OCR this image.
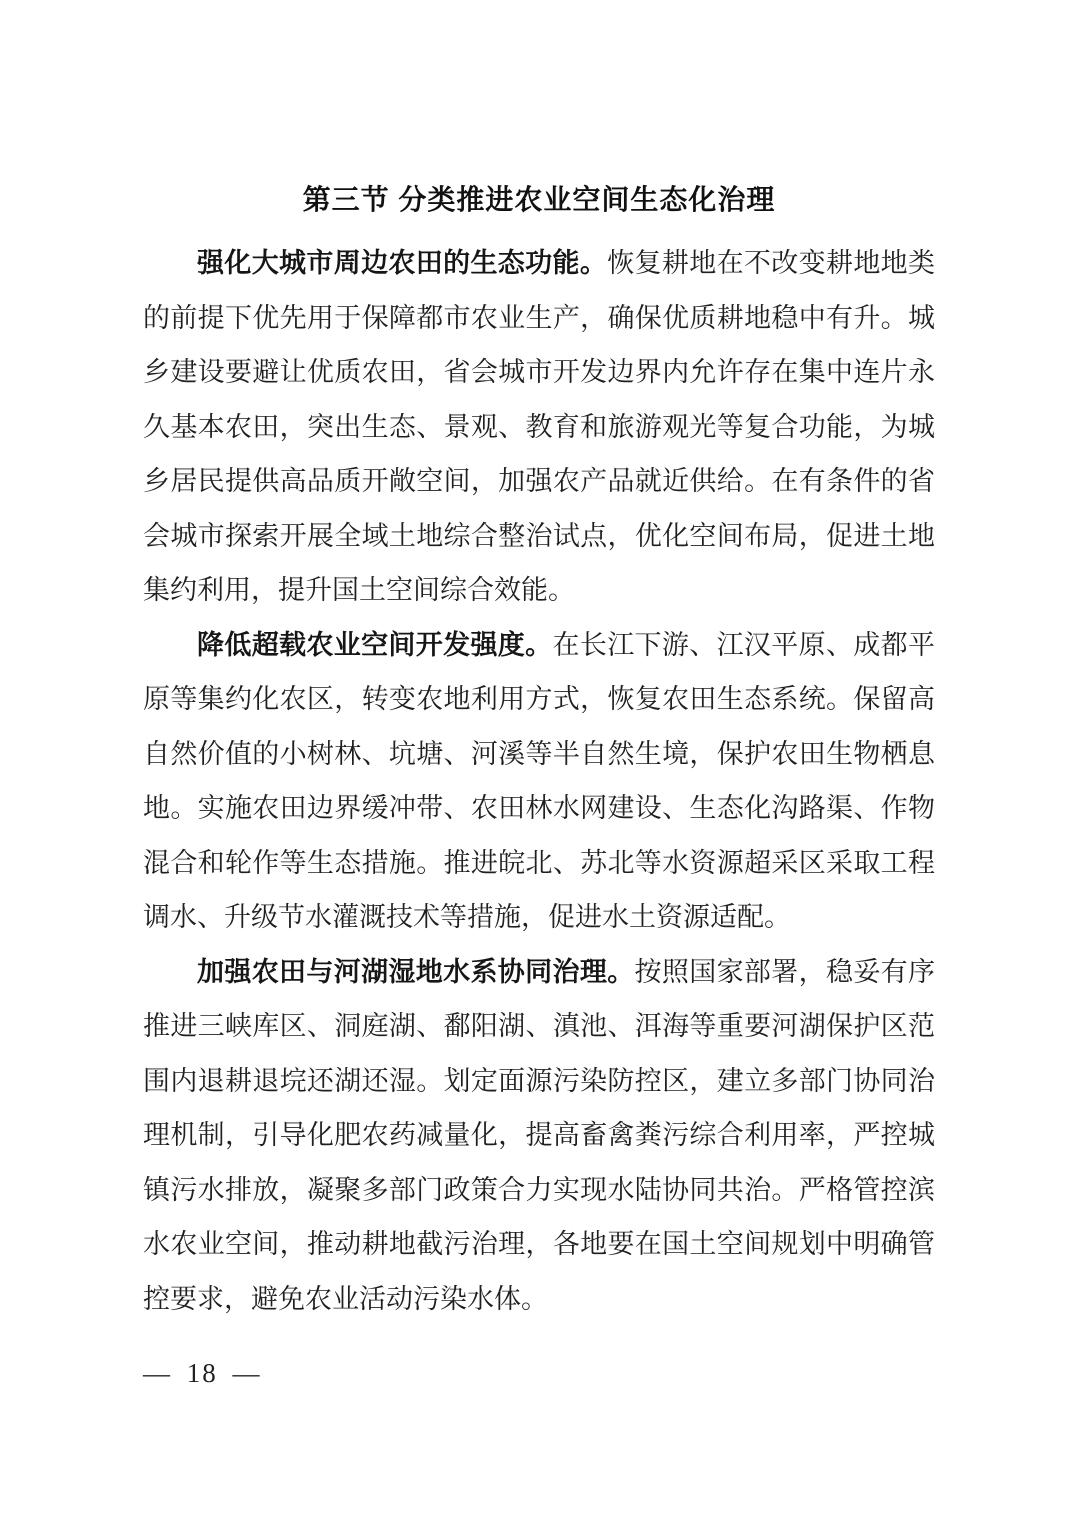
第三节 分类推进农业空间生态化治理

强化大城市周边农田的生态功能。恢复耕地在不改变耕地地类的前提下优先用于保障都市农业生产，确保优质耕地稳中有升。城乡建设要避让优质农田，省会城市开发边界内允许存在集中连片永久基本农田，突出生态、景观、教育和旅游观光等复合功能，为城乡居民提供高品质开敞空间，加强农产品就近供给。在有条件的省会城市探索开展全域土地综合整治试点，优化空间布局，促进土地集约利用，提升国土空间综合效能。

降低超载农业空间开发强度。在长江下游、江汉平原、成都平原等集约化农区，转变农地利用方式，恢复农田生态系统。保留高自然价值的小树林、坑塘、河溪等半自然生境，保护农田生物栖息地。实施农田边界缓冲带、农田林水网建设、生态化沟路渠、作物混合和轮作等生态措施。推进皖北、苏北等水资源超采区采取工程调水、升级节水灌溉技术等措施，促进水土资源适配。

加强农田与河湖湿地水系协同治理。按照国家部署，稳妥有序推进三峡库区、洞庭湖、鄱阳湖、滇池、洱海等重要河湖保护区范围内退耕退垸还湖还湿。划定面源污染防控区，建立多部门协同治理机制，引导化肥农药减量化，提高畜禽粪污综合利用率，严控城镇污水排放，凝聚多部门政策合力实现水陆协同共治。严格管控滨水农业空间，推动耕地截污治理，各地要在国土空间规划中明确管控要求，避免农业活动污染水体。

— 18 —
